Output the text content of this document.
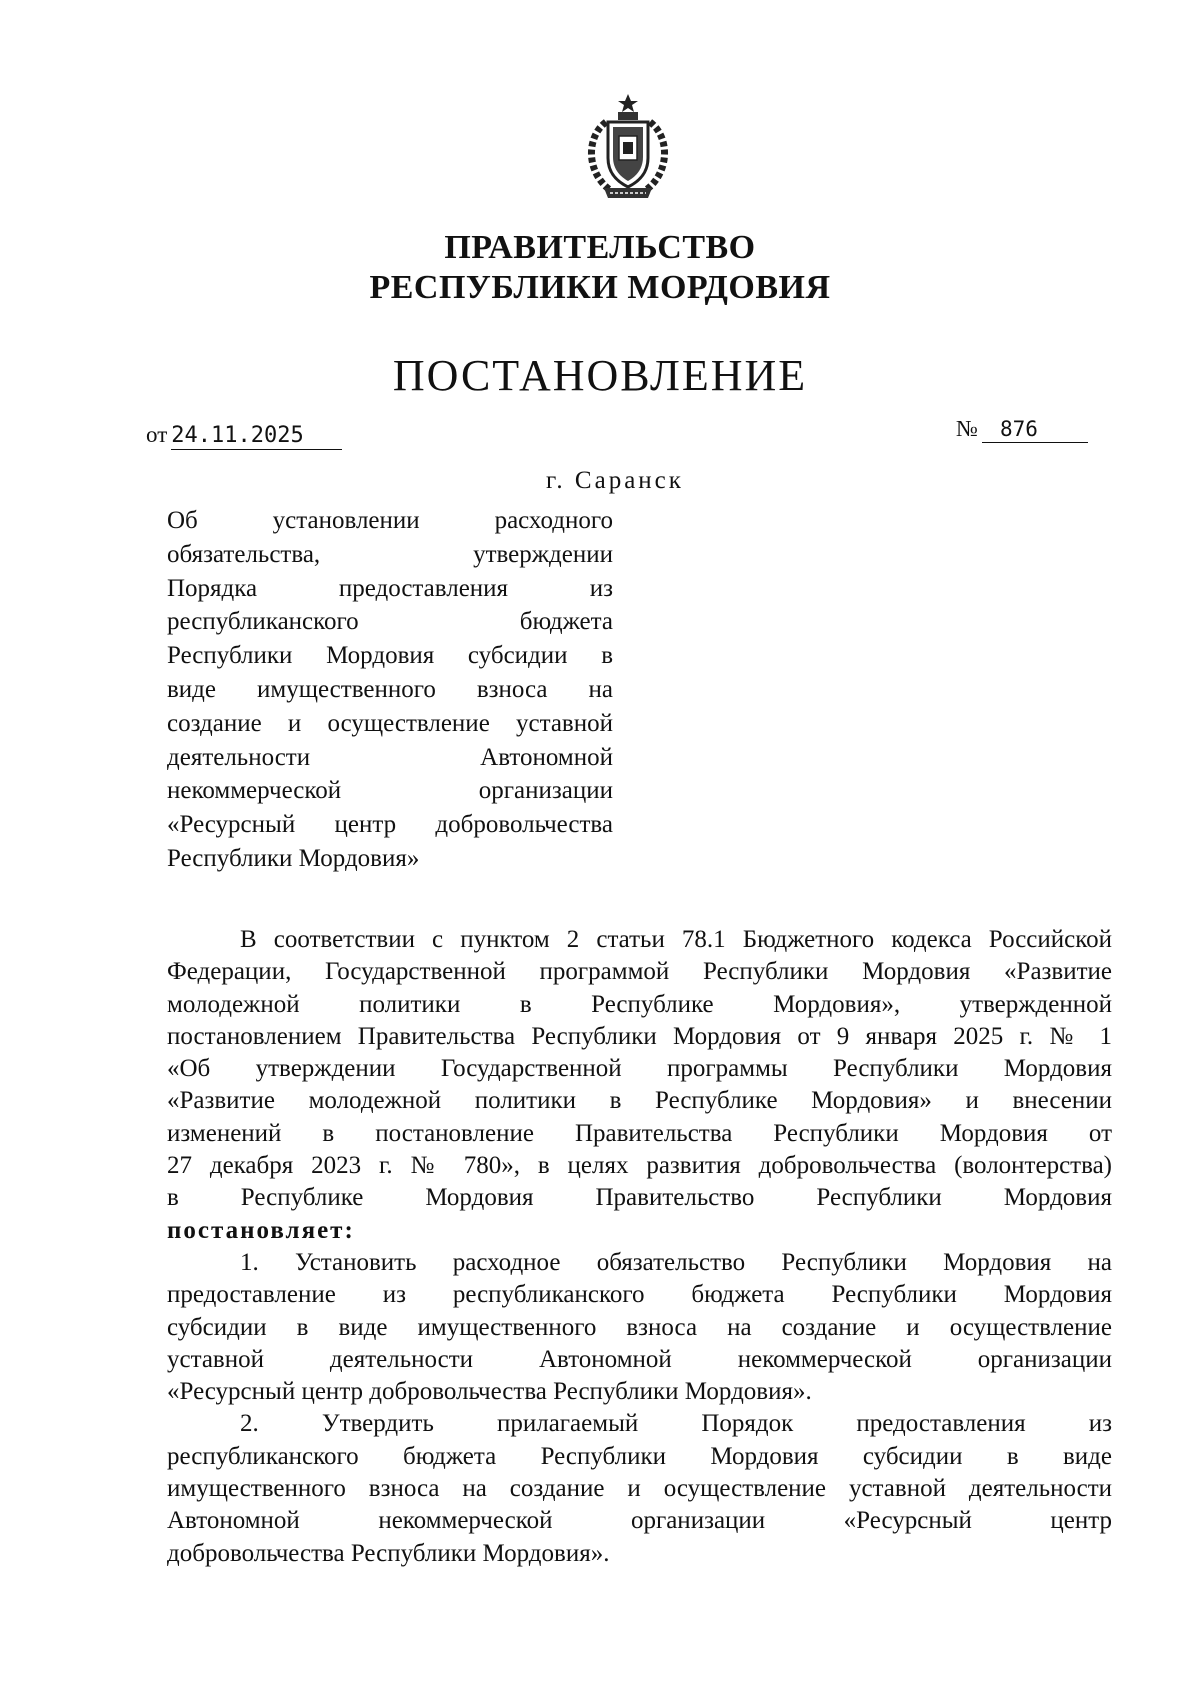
ПРАВИТЕЛЬСТВО
РЕСПУБЛИКИ МОРДОВИЯ
ПОСТАНОВЛЕНИЕ
от 24.11.2025	№ 876
г. Саранск
Об установлении расходного
обязательства, утверждении
Порядка предоставления из
республиканского бюджета
Республики Мордовия субсидии в
виде имущественного взноса на
создание и осуществление уставной
деятельности Автономной
некоммерческой организации
«Ресурсный центр добровольчества
Республики Мордовия»
В соответствии с пунктом 2 статьи 78.1 Бюджетного кодекса Российской
Федерации, Государственной программой Республики Мордовия «Развитие
молодежной политики в Республике Мордовия», утвержденной
постановлением Правительства Республики Мордовия от 9 января 2025 г. № 1
«Об утверждении Государственной программы Республики Мордовия
«Развитие молодежной политики в Республике Мордовия» и внесении
изменений в постановление Правительства Республики Мордовия от
27 декабря 2023 г. № 780», в целях развития добровольчества (волонтерства)
в Республике Мордовия Правительство Республики Мордовия
постановляет:
1. Установить расходное обязательство Республики Мордовия на
предоставление из республиканского бюджета Республики Мордовия
субсидии в виде имущественного взноса на создание и осуществление
уставной деятельности Автономной некоммерческой организации
«Ресурсный центр добровольчества Республики Мордовия».
2. Утвердить прилагаемый Порядок предоставления из
республиканского бюджета Республики Мордовия субсидии в виде
имущественного взноса на создание и осуществление уставной деятельности
Автономной некоммерческой организации «Ресурсный центр
добровольчества Республики Мордовия».
